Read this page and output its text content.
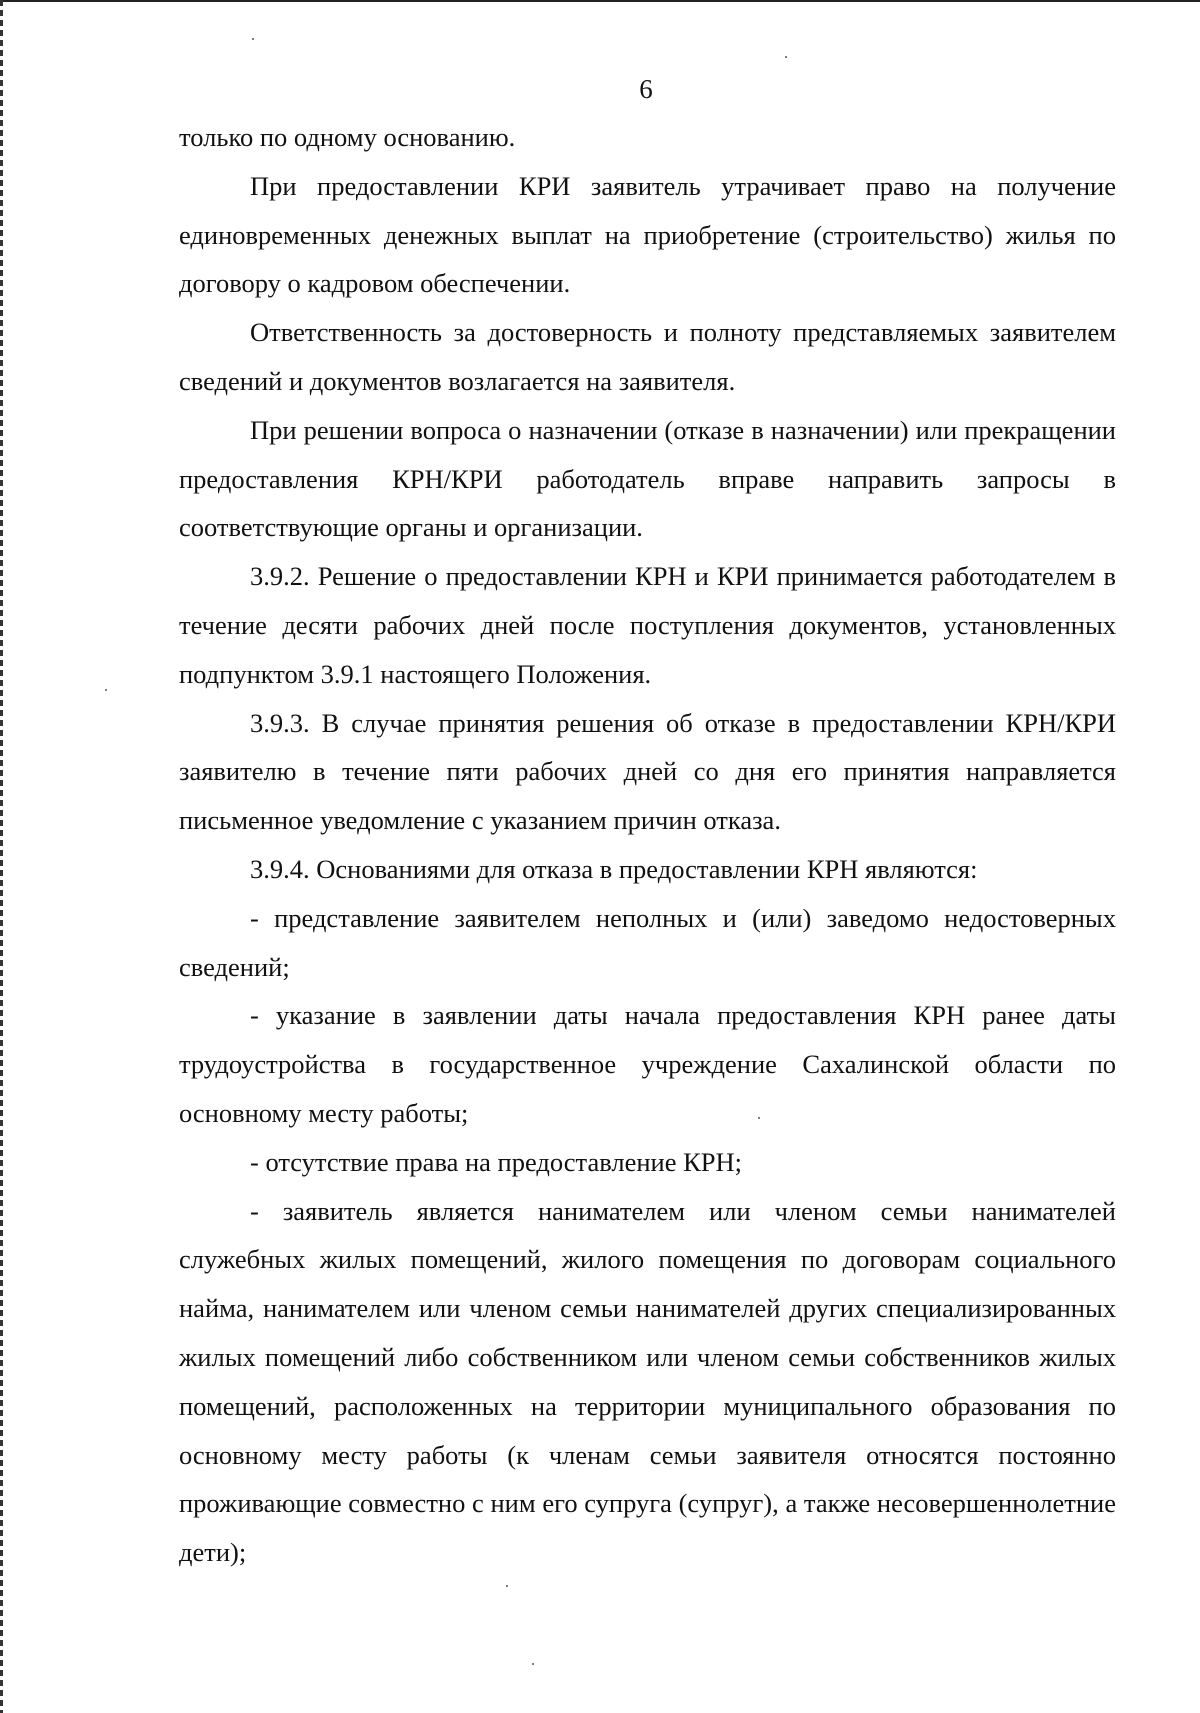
6

только по одному основанию.

При предоставлении КРИ заявитель утрачивает право на получение единовременных денежных выплат на приобретение (строительство) жилья по договору о кадровом обеспечении.

Ответственность за достоверность и полноту представляемых заявителем сведений и документов возлагается на заявителя.

При решении вопроса о назначении (отказе в назначении) или прекращении предоставления КРН/КРИ работодатель вправе направить запросы в соответствующие органы и организации.

3.9.2. Решение о предоставлении КРН и КРИ принимается работодателем в течение десяти рабочих дней после поступления документов, установленных подпунктом 3.9.1 настоящего Положения.

3.9.3. В случае принятия решения об отказе в предоставлении КРН/КРИ заявителю в течение пяти рабочих дней со дня его принятия направляется письменное уведомление с указанием причин отказа.

3.9.4. Основаниями для отказа в предоставлении КРН являются:

- представление заявителем неполных и (или) заведомо недостоверных сведений;

- указание в заявлении даты начала предоставления КРН ранее даты трудоустройства в государственное учреждение Сахалинской области по основному месту работы;

- отсутствие права на предоставление КРН;

- заявитель является нанимателем или членом семьи нанимателей служебных жилых помещений, жилого помещения по договорам социального найма, нанимателем или членом семьи нанимателей других специализированных жилых помещений либо собственником или членом семьи собственников жилых помещений, расположенных на территории муниципального образования по основному месту работы (к членам семьи заявителя относятся постоянно проживающие совместно с ним его супруга (супруг), а также несовершеннолетние дети);
